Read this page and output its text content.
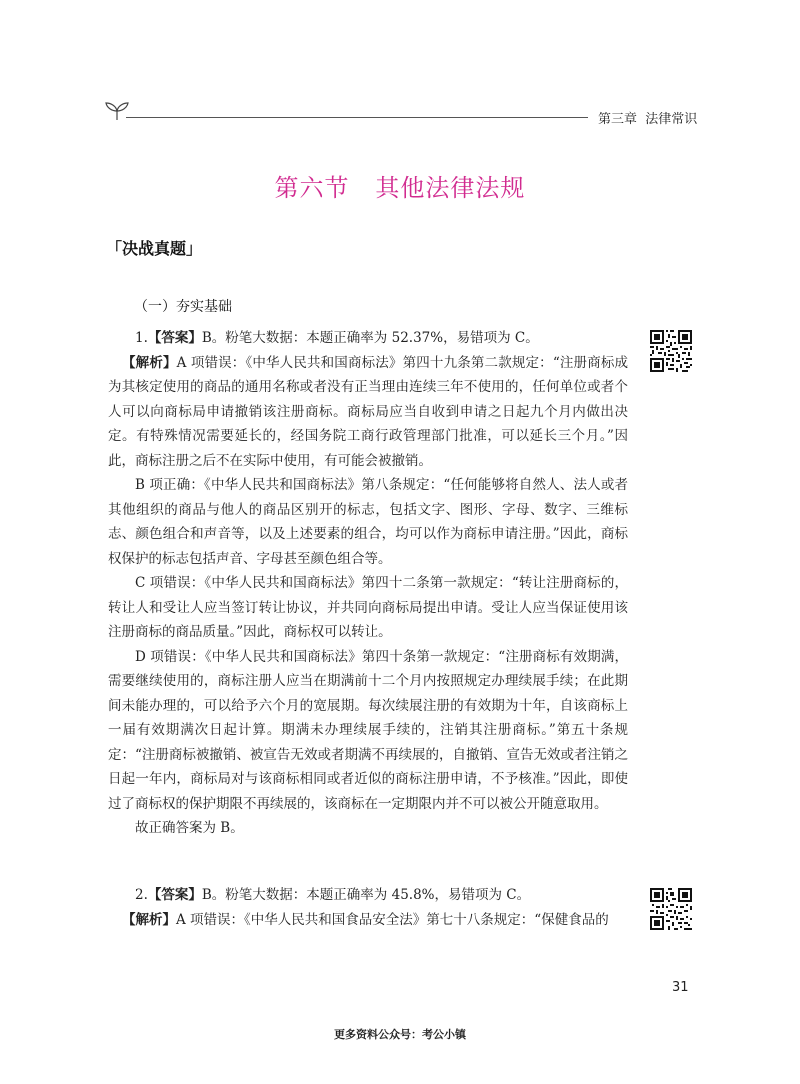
第三章  法律常识
第六节   其他法律法规
「决战真题」
（一）夯实基础

1.【答案】B。粉笔大数据：本题正确率为 52.37%，易错项为 C。

【解析】A 项错误：《中华人民共和国商标法》第四十九条第二款规定：“注册商标成为其核定使用的商品的通用名称或者没有正当理由连续三年不使用的，任何单位或者个人可以向商标局申请撤销该注册商标。商标局应当自收到申请之日起九个月内做出决定。有特殊情况需要延长的，经国务院工商行政管理部门批准，可以延长三个月。”因此，商标注册之后不在实际中使用，有可能会被撤销。

B 项正确：《中华人民共和国商标法》第八条规定：“任何能够将自然人、法人或者其他组织的商品与他人的商品区别开的标志，包括文字、图形、字母、数字、三维标志、颜色组合和声音等，以及上述要素的组合，均可以作为商标申请注册。”因此，商标权保护的标志包括声音、字母甚至颜色组合等。

C 项错误：《中华人民共和国商标法》第四十二条第一款规定：“转让注册商标的，转让人和受让人应当签订转让协议，并共同向商标局提出申请。受让人应当保证使用该注册商标的商品质量。”因此，商标权可以转让。

D 项错误：《中华人民共和国商标法》第四十条第一款规定：“注册商标有效期满，需要继续使用的，商标注册人应当在期满前十二个月内按照规定办理续展手续；在此期间未能办理的，可以给予六个月的宽展期。每次续展注册的有效期为十年，自该商标上一届有效期满次日起计算。期满未办理续展手续的，注销其注册商标。”第五十条规定：“注册商标被撤销、被宣告无效或者期满不再续展的，自撤销、宣告无效或者注销之日起一年内，商标局对与该商标相同或者近似的商标注册申请，不予核准。”因此，即使过了商标权的保护期限不再续展的，该商标在一定期限内并不可以被公开随意取用。

故正确答案为 B。

2.【答案】B。粉笔大数据：本题正确率为 45.8%，易错项为 C。

【解析】A 项错误：《中华人民共和国食品安全法》第七十八条规定：“保健食品的

31
更多资料公众号：考公小镇
